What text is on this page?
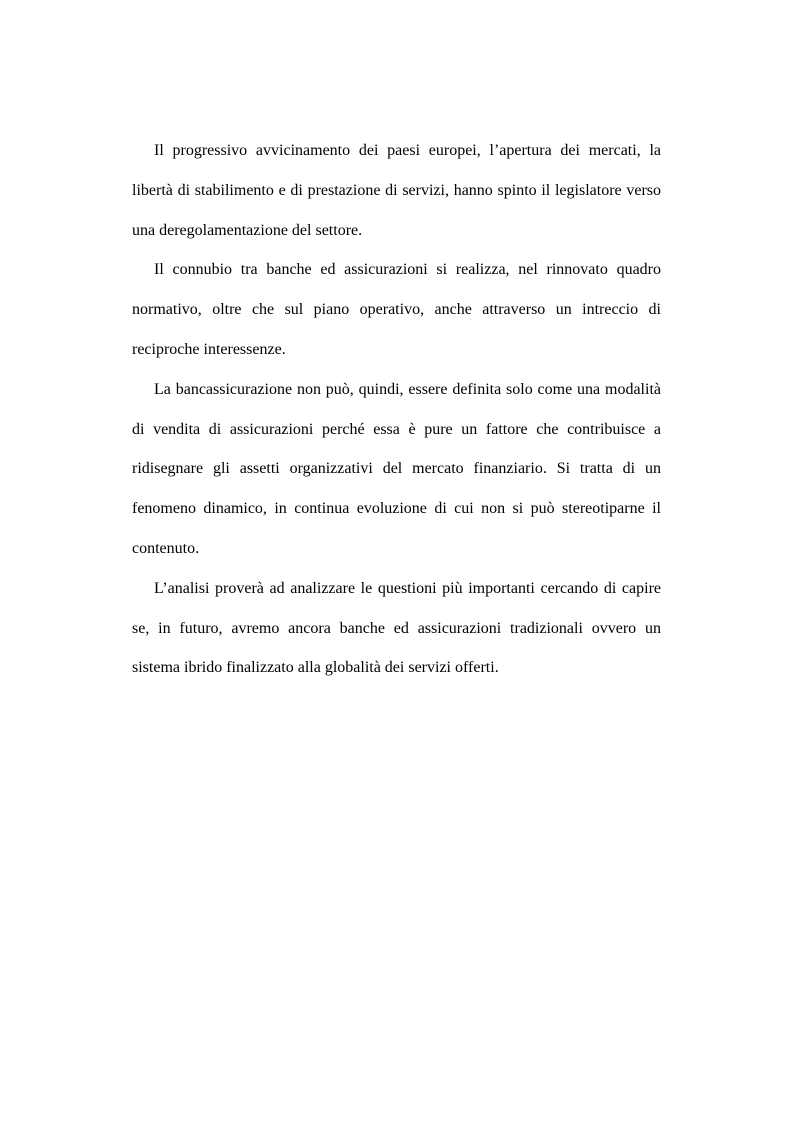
Il progressivo avvicinamento dei paesi europei, l’apertura dei mercati, la libertà di stabilimento e di prestazione di servizi, hanno spinto il legislatore verso una deregolamentazione del settore.

Il connubio tra banche ed assicurazioni si realizza, nel rinnovato quadro normativo, oltre che sul piano operativo, anche attraverso un intreccio di reciproche interessenze.

La bancassicurazione non può, quindi, essere definita solo come una modalità di vendita di assicurazioni perché essa è pure un fattore che contribuisce a ridisegnare gli assetti organizzativi del mercato finanziario. Si tratta di un fenomeno dinamico, in continua evoluzione di cui non si può stereotiparne il contenuto.

L’analisi proverà ad analizzare le questioni più importanti cercando di capire se, in futuro, avremo ancora banche ed assicurazioni tradizionali ovvero un sistema ibrido finalizzato alla globalità dei servizi offerti.
